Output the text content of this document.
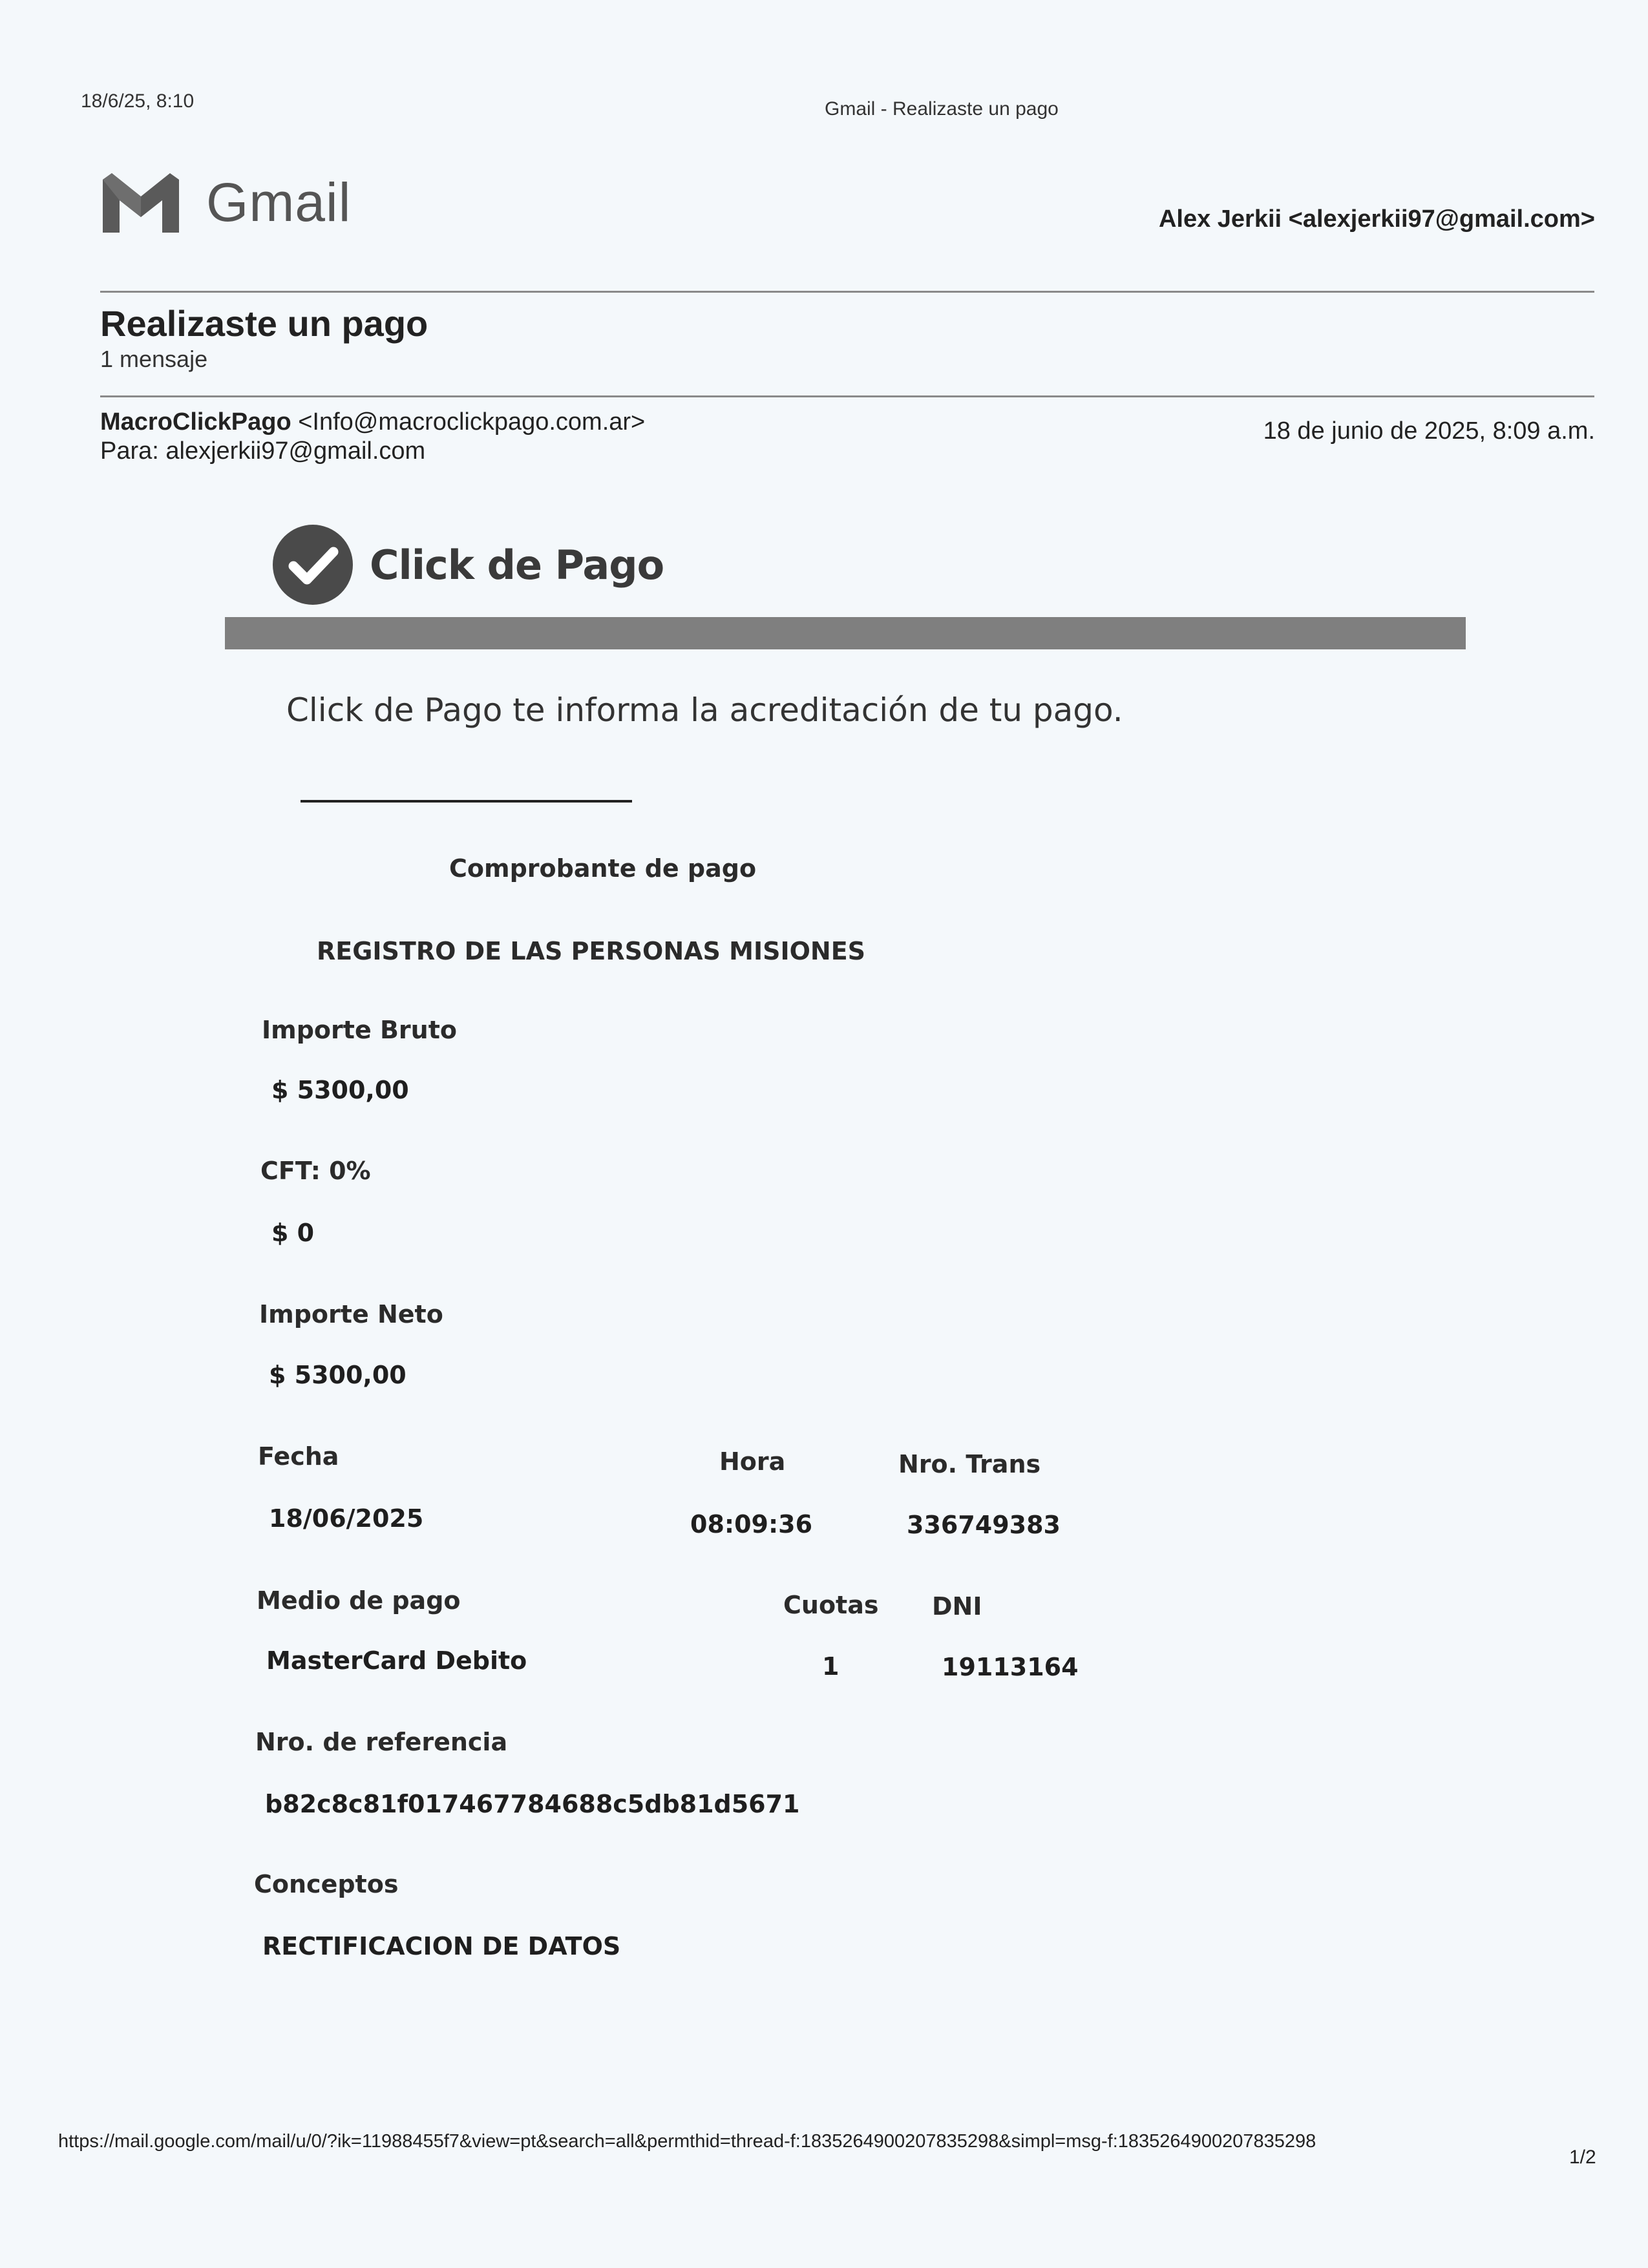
18/6/25, 8:10	Gmail - Realizaste un pago
Gmail	Alex Jerkii <alexjerkii97@gmail.com>
Realizaste un pago
1 mensaje
MacroClickPago <Info@macroclickpago.com.ar>
Para: alexjerkii97@gmail.com
18 de junio de 2025, 8:09 a.m.
Click de Pago
Click de Pago te informa la acreditación de tu pago.
Comprobante de pago
REGISTRO DE LAS PERSONAS MISIONES
Importe Bruto
$ 5300,00
CFT: 0%
$ 0
Importe Neto
$ 5300,00
Fecha	Hora	Nro. Trans
18/06/2025	08:09:36	336749383
Medio de pago	Cuotas DNI
MasterCard Debito	1	19113164
Nro. de referencia
b82c8c81f017467784688c5db81d5671
Conceptos
RECTIFICACION DE DATOS
https://mail.google.com/mail/u/0/?ik=11988455f7&view=pt&search=all&permthid=thread-f:1835264900207835298&simpl=msg-f:1835264900207835298
1/2
